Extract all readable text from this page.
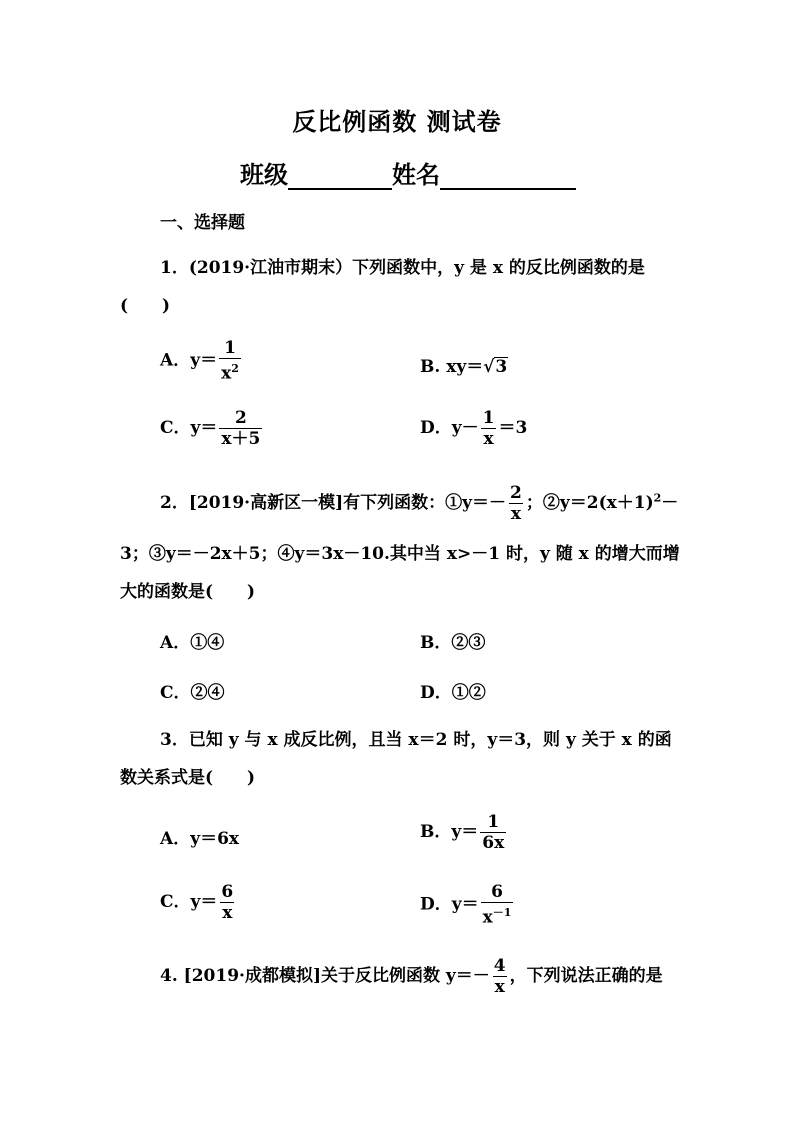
反比例函数 测试卷
班级	姓名
一、选择题
1．(2019·江油市期末）下列函数中，y 是 x 的反比例函数的是
(　　)
A．$y= \frac{1}{x^2}$	B. xy＝√3
C．$y= \frac{2}{x+5}$	D．$y- \frac{1}{x} =3$
2．[2019·高新区一模]有下列函数：①y＝－ $\frac{2}{x}$ ；$②y=2(x+1)^2-$
3；③y＝－2x＋5；④y＝3x－10.其中当 x>－1 时，y 随 x 的增大而增
大的函数是(　　)
A．①④	B．②③
C．②④	D．①②
3．已知 y 与 x 成反比例，且当 x＝2 时，y＝3，则 y 关于 x 的函
数关系式是(　　)
A．y＝6x	B．$y= \frac{1}{6x}$
C．$y= \frac{6}{x}$	D．$y= \frac{6}{x^{-1}}$
4. [2019·成都模拟]关于反比例函数 $y=- \frac{4}{x}$ ，下列说法正确的是
